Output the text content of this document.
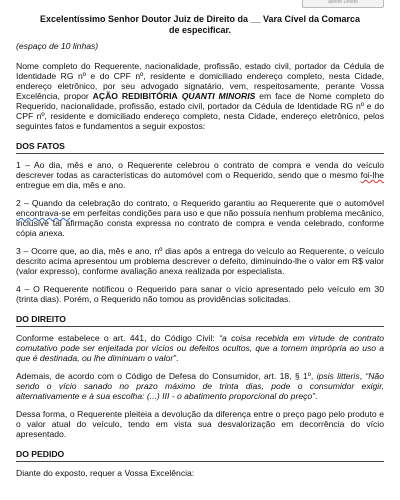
aberte Delete

Excelentíssimo Senhor Doutor Juiz de Direito da __ Vara Cível da Comarca

de especificar.

(espaço de 10 linhas)

Nome completo do Requerente, nacionalidade, profissão, estado civil, portador da Cédula de Identidade RG nº e do CPF nº, residente e domiciliado endereço completo, nesta Cidade, endereço eletrônico, por seu advogado signatário, vem, respeitosamente, perante Vossa Excelência, propor AÇÃO REDIBITÓRIA QUANTI MINORIS em face de Nome completo do Requerido, nacionalidade, profissão, estado civil, portador da Cédula de Identidade RG nº e do CPF nº, residente e domiciliado endereço completo, nesta Cidade, endereço eletrônico, pelos seguintes fatos e fundamentos a seguir expostos:

DOS FATOS

1 – Ao dia, mês e ano, o Requerente celebrou o contrato de compra e venda do veículo descrever todas as características do automóvel com o Requerido, sendo que o mesmo foi-lhe entregue em dia, mês e ano.

2 – Quando da celebração do contrato, o Requerido garantiu ao Requerente que o automóvel encontrava-se em perfeitas condições para uso e que não possuía nenhum problema mecânico, inclusive tal afirmação consta expressa no contrato de compra e venda celebrado, conforme cópia anexa.

3 – Ocorre que, ao dia, mês e ano, nº dias após a entrega do veículo ao Requerente, o veículo descrito acima apresentou um problema descrever o defeito, diminuindo-lhe o valor em R$ valor (valor expresso), conforme avaliação anexa realizada por especialista.

4 – O Requerente notificou o Requerido para sanar o vício apresentado pelo veículo em 30 (trinta dias). Porém, o Requerido não tomou as providências solicitadas.

DO DIREITO

Conforme estabelece o art. 441, do Código Civil: “a coisa recebida em virtude de contrato comutativo pode ser enjeitada por vícios ou defeitos ocultos, que a tornem imprópria ao uso a que é destinada, ou lhe diminuam o valor”.

Ademais, de acordo com o Código de Defesa do Consumidor, art. 18, § 1º, ipsis litteris, “Não sendo o vício sanado no prazo máximo de trinta dias, pode o consumidor exigir, alternativamente e à sua escolha: (...) III - o abatimento proporcional do preço”.

Dessa forma, o Requerente pleiteia a devolução da diferença entre o preço pago pelo produto e o valor atual do veículo, tendo em vista sua desvalorização em decorrência do vício apresentado.

DO PEDIDO

Diante do exposto, requer a Vossa Excelência:
